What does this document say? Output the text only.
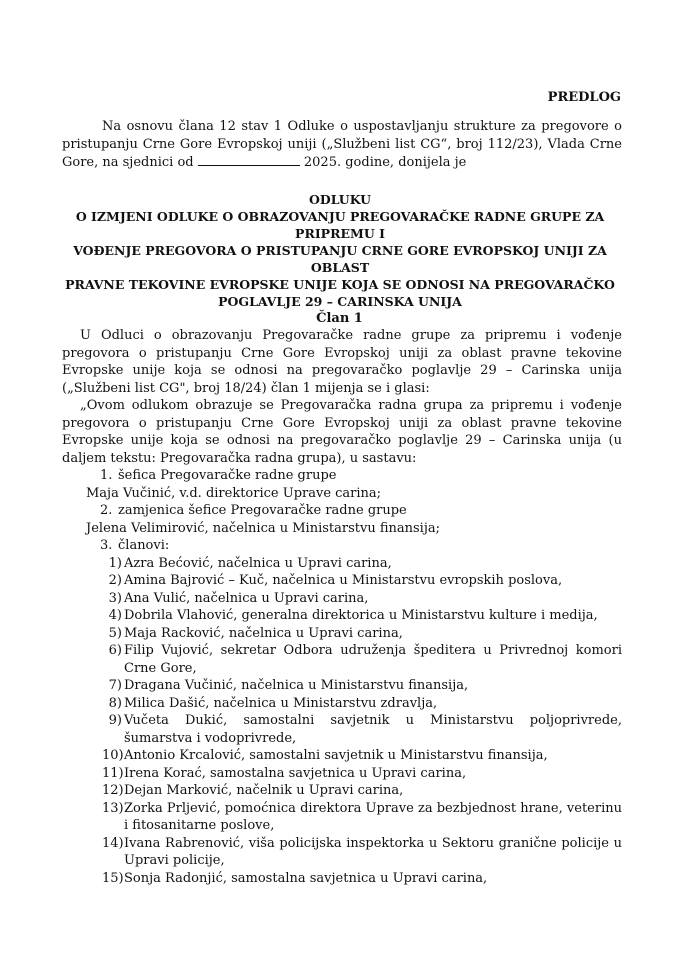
PREDLOG

Na osnovu člana 12 stav 1 Odluke o uspostavljanju strukture za pregovore o pristupanju Crne Gore Evropskoj uniji („Službeni list CG“, broj 112/23), Vlada Crne Gore, na sjednici od	2025. godine, donijela je

ODLUKU
O IZMJENI ODLUKE O OBRAZOVANJU PREGOVARAČKE RADNE GRUPE ZA PRIPREMU I
VOĐENJE PREGOVORA O PRISTUPANJU CRNE GORE EVROPSKOJ UNIJI ZA OBLAST
PRAVNE TEKOVINE EVROPSKE UNIJE KOJA SE ODNOSI NA PREGOVARAČKO
POGLAVLJE 29 – CARINSKA UNIJA
Član 1

U Odluci o obrazovanju Pregovaračke radne grupe za pripremu i vođenje pregovora o pristupanju Crne Gore Evropskoj uniji za oblast pravne tekovine Evropske unije koja se odnosi na pregovaračko poglavlje 29 – Carinska unija („Službeni list CG", broj 18/24) član 1 mijenja se i glasi:

„Ovom odlukom obrazuje se Pregovaračka radna grupa za pripremu i vođenje pregovora o pristupanju Crne Gore Evropskoj uniji za oblast pravne tekovine Evropske unije koja se odnosi na pregovaračko poglavlje 29 – Carinska unija (u daljem tekstu: Pregovaračka radna grupa), u sastavu:

1. šefica Pregovaračke radne grupe

Maja Vučinić, v.d. direktorice Uprave carina;

2. zamjenica šefice Pregovaračke radne grupe

Jelena Velimirović, načelnica u Ministarstvu finansija;

3. članovi:

1) Azra Bećović, načelnica u Upravi carina,
2) Amina Bajrović – Kuč, načelnica u Ministarstvu evropskih poslova,
3) Ana Vulić, načelnica u Upravi carina,
4) Dobrila Vlahović, generalna direktorica u Ministarstvu kulture i medija,
5) Maja Racković, načelnica u Upravi carina,
6) Filip Vujović, sekretar Odbora udruženja špeditera u Privrednoj komori Crne Gore,
7) Dragana Vučinić, načelnica u Ministarstvu finansija,
8) Milica Dašić, načelnica u Ministarstvu zdravlja,
9) Vučeta Dukić, samostalni savjetnik u Ministarstvu poljoprivrede, šumarstva i vodoprivrede,
10) Antonio Krcalović, samostalni savjetnik u Ministarstvu finansija,
11) Irena Korać, samostalna savjetnica u Upravi carina,
12) Dejan Marković, načelnik u Upravi carina,
13) Zorka Prljević, pomoćnica direktora Uprave za bezbjednost hrane, veterinu i fitosanitarne poslove,
14) Ivana Rabrenović, viša policijska inspektorka u Sektoru granične policije u Upravi policije,
15) Sonja Radonjić, samostalna savjetnica u Upravi carina,
